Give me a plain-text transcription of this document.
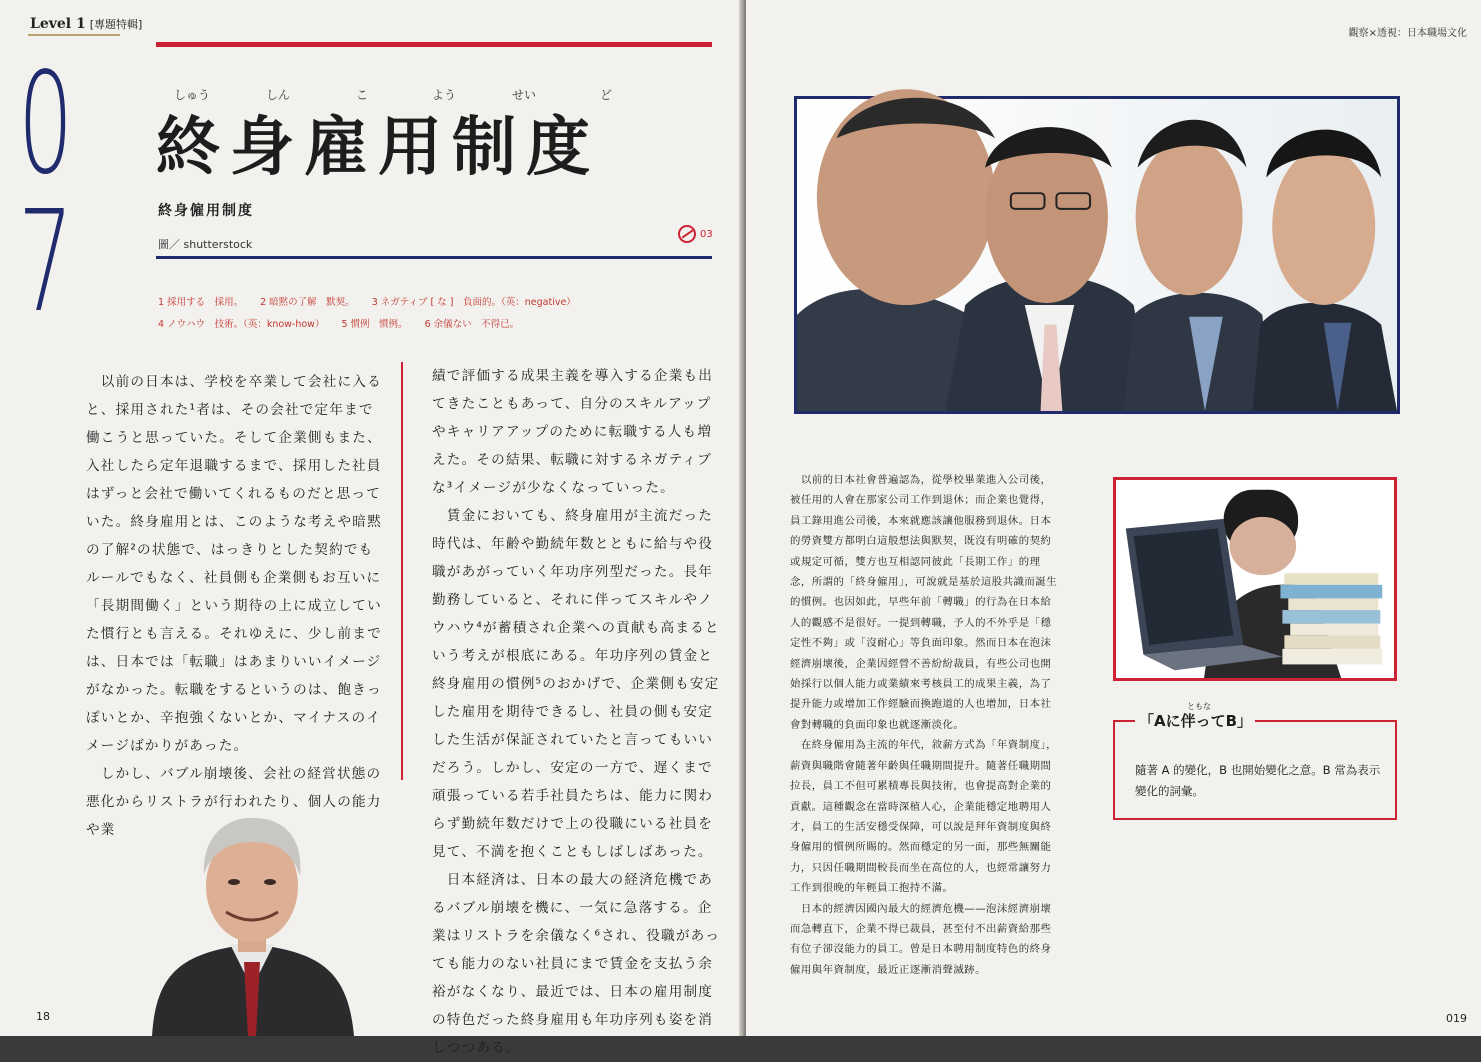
Level 1 [專題特輯]
0
7
しゅう	しん	こ	よう	せい	ど
終身雇用制度
終身僱用制度
圖／ shutterstock
03
1 採用する　採用。 2 暗黙の了解　默契。 3 ネガティブ [ な ]　負面的。（英：negative）
4 ノウハウ　技術。（英：know-how） 5 慣例　慣例。 6 余儀ない　不得已。
　以前の日本は、学校を卒業して会社に入ると、採用された¹者は、その会社で定年まで働こうと思っていた。そして企業側もまた、入社したら定年退職するまで、採用した社員はずっと会社で働いてくれるものだと思っていた。終身雇用とは、このような考えや暗黙の了解²の状態で、はっきりとした契約でもルールでもなく、社員側も企業側もお互いに「長期間働く」という期待の上に成立していた慣行とも言える。それゆえに、少し前までは、日本では「転職」はあまりいいイメージがなかった。転職をするというのは、飽きっぽいとか、辛抱強くないとか、マイナスのイメージばかりがあった。
　しかし、バブル崩壊後、会社の経営状態の悪化からリストラが行われたり、個人の能力や業
績で評価する成果主義を導入する企業も出てきたこともあって、自分のスキルアップやキャリアアップのために転職する人も増えた。その結果、転職に対するネガティブな³イメージが少なくなっていった。
　賃金においても、終身雇用が主流だった時代は、年齢や勤続年数とともに給与や役職があがっていく年功序列型だった。長年勤務していると、それに伴ってスキルやノウハウ⁴が蓄積され企業への貢献も高まるという考えが根底にある。年功序列の賃金と終身雇用の慣例⁵のおかげで、企業側も安定した雇用を期待できるし、社員の側も安定した生活が保証されていたと言ってもいいだろう。しかし、安定の一方で、遅くまで頑張っている若手社員たちは、能力に関わらず勤続年数だけで上の役職にいる社員を見て、不満を抱くこともしばしばあった。
　日本経済は、日本の最大の経済危機であるバブル崩壊を機に、一気に急落する。企業はリストラを余儀なく⁶され、役職があっても能力のない社員にまで賃金を支払う余裕がなくなり、最近では、日本の雇用制度の特色だった終身雇用も年功序列も姿を消しつつある。
18
觀察×透視：日本職場文化
　以前的日本社會普遍認為，從學校畢業進入公司後，被任用的人會在那家公司工作到退休；而企業也覺得，員工錄用進公司後，本來就應該讓他服務到退休。日本的勞資雙方都明白這般想法與默契，既沒有明確的契約或規定可循，雙方也互相認同彼此「長期工作」的理念，所謂的「終身僱用」，可說就是基於這股共識而誕生的慣例。也因如此，早些年前「轉職」的行為在日本給人的觀感不是很好。一提到轉職，予人的不外乎是「穩定性不夠」或「沒耐心」等負面印象。然而日本在泡沫經濟崩壞後，企業因經營不善紛紛裁員，有些公司也開始採行以個人能力或業績來考核員工的成果主義，為了提升能力或增加工作經驗而換跑道的人也增加，日本社會對轉職的負面印象也就逐漸淡化。
　在終身僱用為主流的年代，敘薪方式為「年資制度」，薪資與職階會隨著年齡與任職期間提升。隨著任職期間拉長，員工不但可累積專長與技術，也會提高對企業的貢獻。這種觀念在當時深植人心，企業能穩定地聘用人才，員工的生活安穩受保障，可以說是拜年資制度與終身僱用的慣例所賜的。然而穩定的另一面，那些無關能力，只因任職期間較長而坐在高位的人，也經常讓努力工作到很晚的年輕員工抱持不滿。
　日本的經濟因國內最大的經濟危機——泡沫經濟崩壞而急轉直下，企業不得已裁員，甚至付不出薪資給那些有位子卻沒能力的員工。曾是日本聘用制度特色的終身僱用與年資制度，最近正逐漸消聲滅跡。
ともな
「Aに伴ってB」
隨著 A 的變化，B 也開始變化之意。B 常為表示變化的詞彙。
019
